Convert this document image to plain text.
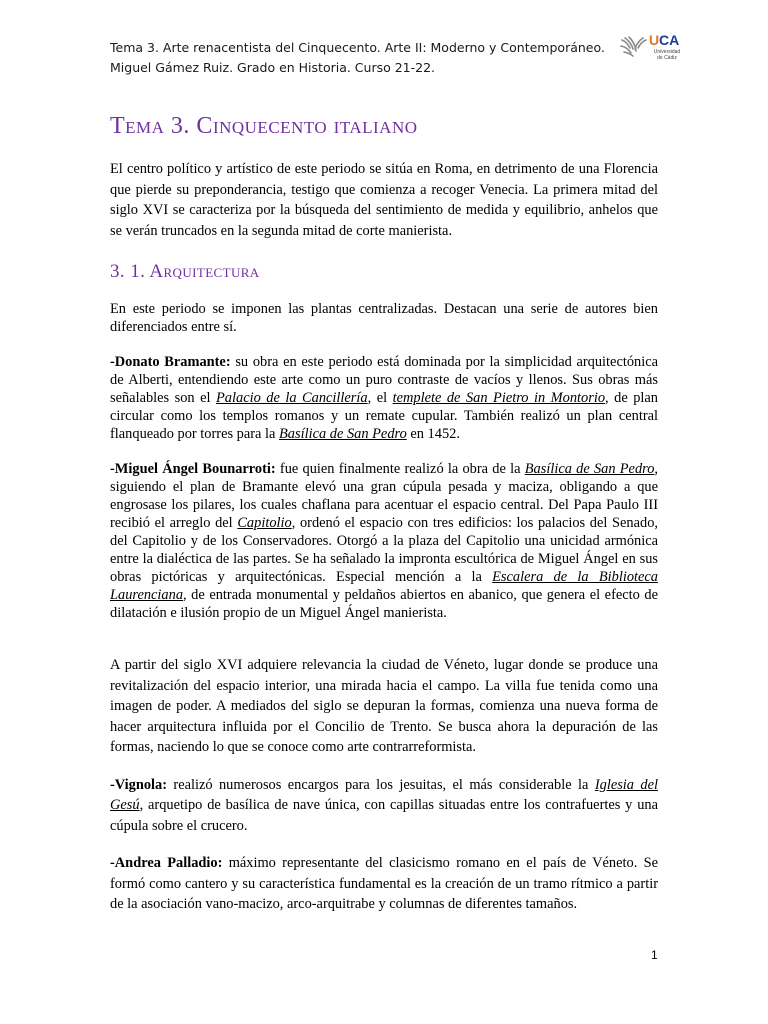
Tema 3. Arte renacentista del Cinquecento. Arte II: Moderno y Contemporáneo.
Miguel Gámez Ruiz. Grado en Historia. Curso 21-22.
U CA
Universidad de Cádiz
Tema 3. Cinquecento italiano

El centro político y artístico de este periodo se sitúa en Roma, en detrimento de una Florencia que pierde su preponderancia, testigo que comienza a recoger Venecia. La primera mitad del siglo XVI se caracteriza por la búsqueda del sentimiento de medida y equilibrio, anhelos que se verán truncados en la segunda mitad de corte manierista.

3. 1. Arquitectura

En este periodo se imponen las plantas centralizadas. Destacan una serie de autores bien diferenciados entre sí.

-Donato Bramante: su obra en este periodo está dominada por la simplicidad arquitectónica de Alberti, entendiendo este arte como un puro contraste de vacíos y llenos. Sus obras más señalables son el Palacio de la Cancillería, el templete de San Pietro in Montorio, de plan circular como los templos romanos y un remate cupular. También realizó un plan central flanqueado por torres para la Basílica de San Pedro en 1452.

-Miguel Ángel Bounarroti: fue quien finalmente realizó la obra de la Basílica de San Pedro, siguiendo el plan de Bramante elevó una gran cúpula pesada y maciza, obligando a que engrosase los pilares, los cuales chaflana para acentuar el espacio central. Del Papa Paulo III recibió el arreglo del Capitolio, ordenó el espacio con tres edificios: los palacios del Senado, del Capitolio y de los Conservadores. Otorgó a la plaza del Capitolio una unicidad armónica entre la dialéctica de las partes. Se ha señalado la impronta escultórica de Miguel Ángel en sus obras pictóricas y arquitectónicas. Especial mención a la Escalera de la Biblioteca Laurenciana, de entrada monumental y peldaños abiertos en abanico, que genera el efecto de dilatación e ilusión propio de un Miguel Ángel manierista.

A partir del siglo XVI adquiere relevancia la ciudad de Véneto, lugar donde se produce una revitalización del espacio interior, una mirada hacia el campo. La villa fue tenida como una imagen de poder. A mediados del siglo se depuran la formas, comienza una nueva forma de hacer arquitectura influida por el Concilio de Trento. Se busca ahora la depuración de las formas, naciendo lo que se conoce como arte contrarreformista.

-Vignola: realizó numerosos encargos para los jesuitas, el más considerable la Iglesia del Gesú, arquetipo de basílica de nave única, con capillas situadas entre los contrafuertes y una cúpula sobre el crucero.

-Andrea Palladio: máximo representante del clasicismo romano en el país de Véneto. Se formó como cantero y su característica fundamental es la creación de un tramo rítmico a partir de la asociación vano-macizo, arco-arquitrabe y columnas de diferentes tamaños.

1
